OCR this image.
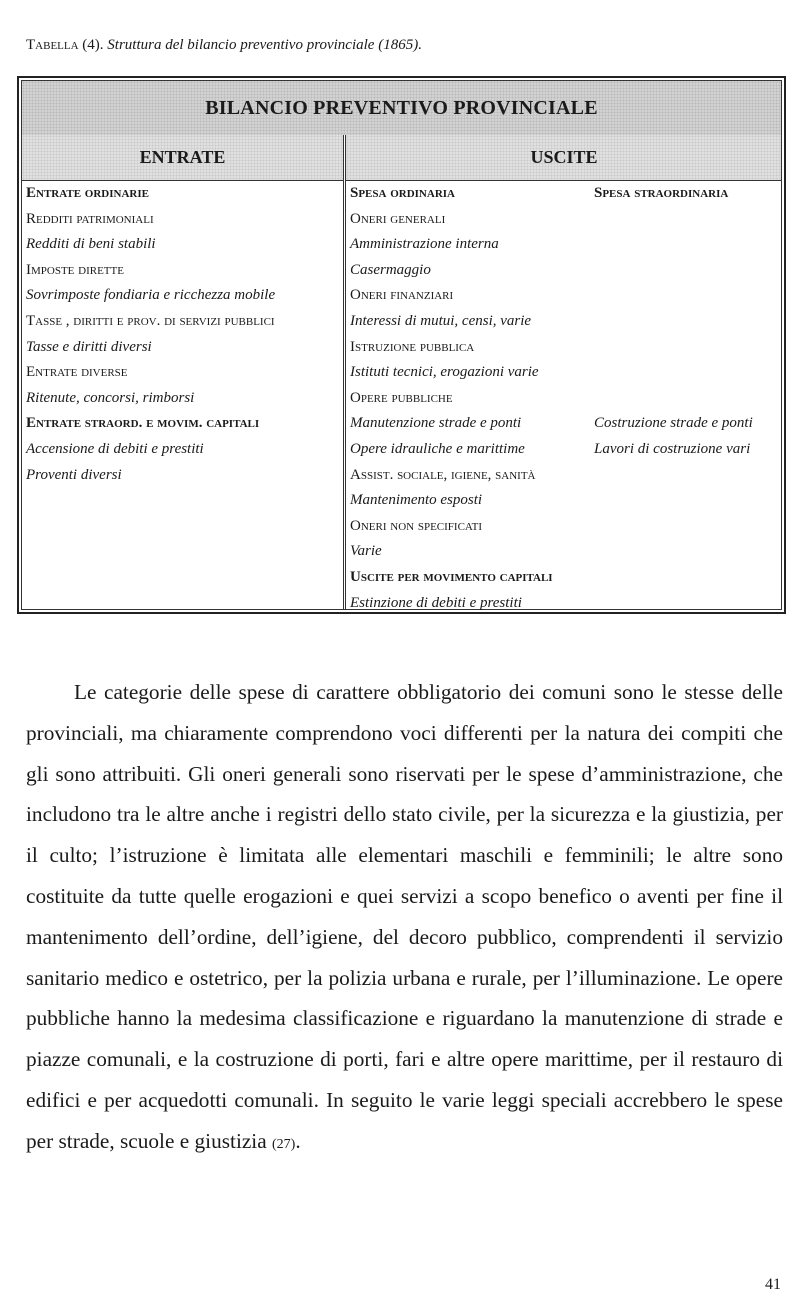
Tabella (4). Struttura del bilancio preventivo provinciale (1865).
BILANCIO PREVENTIVO PROVINCIALE
ENTRATE	USCITE
Entrate ordinarie
Redditi patrimoniali
Redditi di beni stabili
Imposte dirette
Sovrimposte fondiaria e ricchezza mobile
Tasse , diritti e prov. di servizi pubblici
Tasse e diritti diversi
Entrate diverse
Ritenute, concorsi, rimborsi
Entrate straord. e movim. capitali
Accensione di debiti e prestiti
Proventi diversi
Spesa ordinaria
Oneri generali
Amministrazione interna
Casermaggio
Oneri finanziari
Interessi di mutui, censi, varie
Istruzione pubblica
Istituti tecnici, erogazioni varie
Opere pubbliche
Manutenzione strade e ponti
Opere idrauliche e marittime
Assist. sociale, igiene, sanità
Mantenimento esposti
Oneri non specificati
Varie
Uscite per movimento capitali
Estinzione di debiti e prestiti
Spesa straordinaria
Costruzione strade e ponti
Lavori di costruzione vari

Le categorie delle spese di carattere obbligatorio dei comuni sono le stesse delle provinciali, ma chiaramente comprendono voci differenti per la natura dei compiti che gli sono attribuiti. Gli oneri generali sono riservati per le spese d’amministrazione, che includono tra le altre anche i registri dello stato civile, per la sicurezza e la giustizia, per il culto; l’istruzione è limitata alle elementari maschili e femminili; le altre sono costituite da tutte quelle erogazioni e quei servizi a scopo benefico o aventi per fine il mantenimento dell’ordine, dell’igiene, del decoro pubblico, comprendenti il servizio sanitario medico e ostetrico, per la polizia urbana e rurale, per l’illuminazione. Le opere pubbliche hanno la medesima classificazione e riguardano la manutenzione di strade e piazze comunali, e la costruzione di porti, fari e altre opere marittime, per il restauro di edifici e per acquedotti comunali. In seguito le varie leggi speciali accrebbero le spese per strade, scuole e giustizia (27).

41
